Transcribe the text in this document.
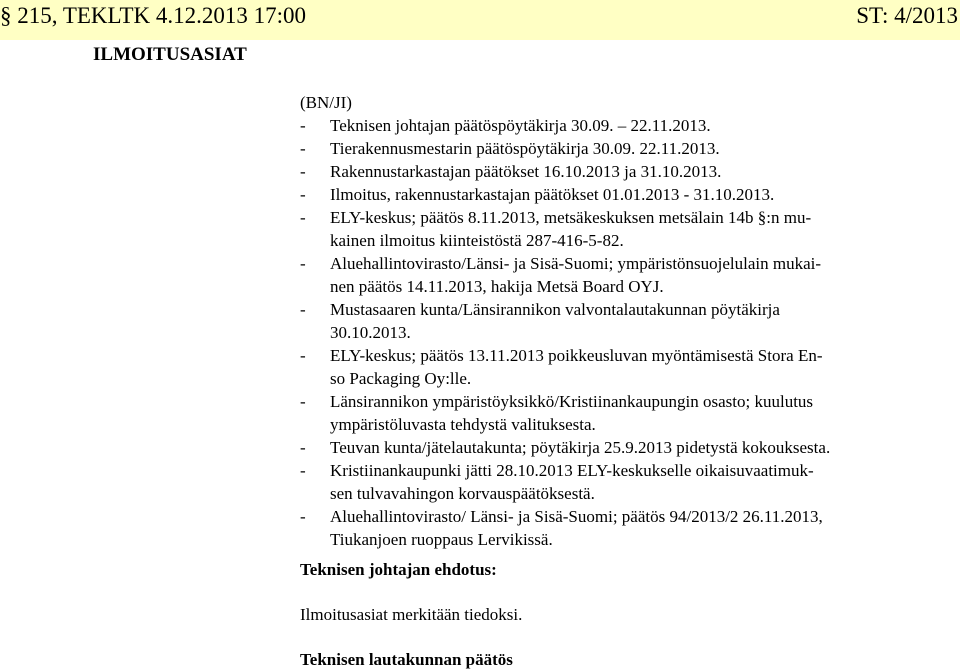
§ 215, TEKLTK 4.12.2013 17:00	ST: 4/2013
ILMOITUSASIAT
(BN/JI)
- Teknisen johtajan päätöspöytäkirja 30.09. – 22.11.2013.
- Tierakennusmestarin päätöspöytäkirja 30.09. 22.11.2013.
- Rakennustarkastajan päätökset 16.10.2013 ja 31.10.2013.
- Ilmoitus, rakennustarkastajan päätökset 01.01.2013 - 31.10.2013.
- ELY-keskus; päätös 8.11.2013, metsäkeskuksen metsälain 14b §:n mu-
kainen ilmoitus kiinteistöstä 287-416-5-82.
- Aluehallintovirasto/Länsi- ja Sisä-Suomi; ympäristönsuojelulain mukai-
nen päätös 14.11.2013, hakija Metsä Board OYJ.
- Mustasaaren kunta/Länsirannikon valvontalautakunnan pöytäkirja
30.10.2013.
- ELY-keskus; päätös 13.11.2013 poikkeusluvan myöntämisestä Stora En-
so Packaging Oy:lle.
- Länsirannikon ympäristöyksikkö/Kristiinankaupungin osasto; kuulutus
ympäristöluvasta tehdystä valituksesta.
- Teuvan kunta/jätelautakunta; pöytäkirja 25.9.2013 pidetystä kokouksesta.
- Kristiinankaupunki jätti 28.10.2013 ELY-keskukselle oikaisuvaatimuk-
sen tulvavahingon korvauspäätöksestä.
- Aluehallintovirasto/ Länsi- ja Sisä-Suomi; päätös 94/2013/2 26.11.2013,
Tiukanjoen ruoppaus Lervikissä.
Teknisen johtajan ehdotus:
Ilmoitusasiat merkitään tiedoksi.
Teknisen lautakunnan päätös
